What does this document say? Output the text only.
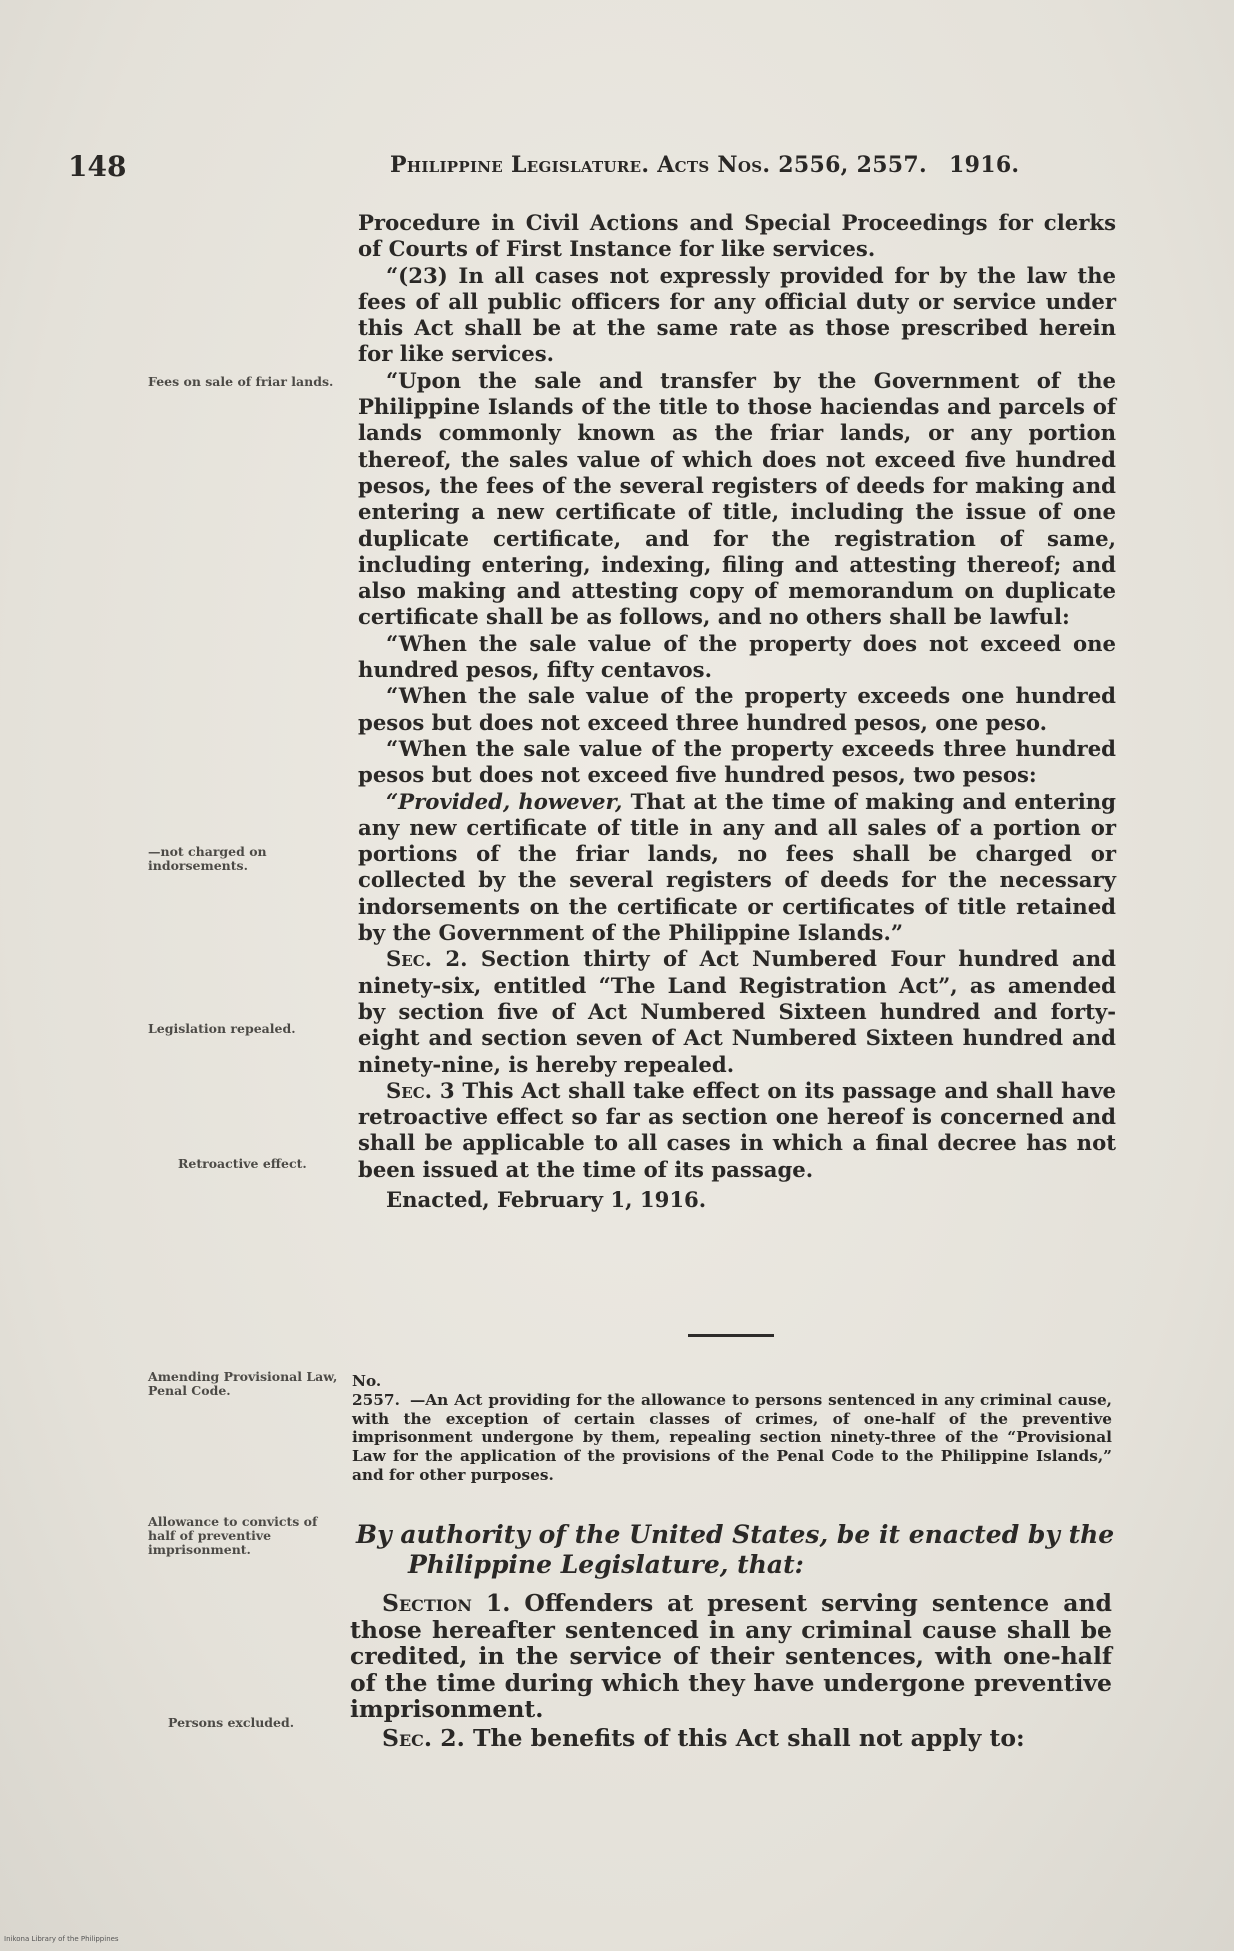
148	Philippine Legislature. Acts Nos. 2556, 2557. 1916.

Procedure in Civil Actions and Special Proceedings for clerks of Courts of First Instance for like services.

“(23) In all cases not expressly provided for by the law the fees of all public officers for any official duty or service under this Act shall be at the same rate as those prescribed herein for like services.

“Upon the sale and transfer by the Government of the Philippine Islands of the title to those haciendas and parcels of lands commonly known as the friar lands, or any portion thereof, the sales value of which does not exceed five hundred pesos, the fees of the several registers of deeds for making and entering a new certificate of title, including the issue of one duplicate certificate, and for the registration of same, including entering, indexing, filing and attesting thereof; and also making and attesting copy of memorandum on duplicate certificate shall be as follows, and no others shall be lawful:

“When the sale value of the property does not exceed one hundred pesos, fifty centavos.

“When the sale value of the property exceeds one hundred pesos but does not exceed three hundred pesos, one peso.

“When the sale value of the property exceeds three hundred pesos but does not exceed five hundred pesos, two pesos:

“Provided, however, That at the time of making and entering any new certificate of title in any and all sales of a portion or portions of the friar lands, no fees shall be charged or collected by the several registers of deeds for the necessary indorsements on the certificate or certificates of title retained by the Government of the Philippine Islands.”

Sec. 2. Section thirty of Act Numbered Four hundred and ninety-six, entitled “The Land Registration Act”, as amended by section five of Act Numbered Sixteen hundred and forty-eight and section seven of Act Numbered Sixteen hundred and ninety-nine, is hereby repealed.

Sec. 3 This Act shall take effect on its passage and shall have retroactive effect so far as section one hereof is concerned and shall be applicable to all cases in which a final decree has not been issued at the time of its passage.

Enacted, February 1, 1916.

Fees on sale of friar lands.
—not charged on indorsements.
Legislation repealed.
Retroactive effect.
Amending Provisional Law, Penal Code.
No. 2557. —An Act providing for the allowance to persons sentenced in any criminal cause, with the exception of certain classes of crimes, of one-half of the preventive imprisonment undergone by them, repealing section ninety-three of the “Provisional Law for the application of the provisions of the Penal Code to the Philippine Islands,” and for other purposes.
Allowance to convicts of half of preventive imprisonment.
By authority of the United States, be it enacted by the
Philippine Legislature, that:

Section 1. Offenders at present serving sentence and those hereafter sentenced in any criminal cause shall be credited, in the service of their sentences, with one-half of the time during which they have undergone preventive imprisonment.

Sec. 2. The benefits of this Act shall not apply to:

Persons excluded.
Inikona Library of the Philippines
